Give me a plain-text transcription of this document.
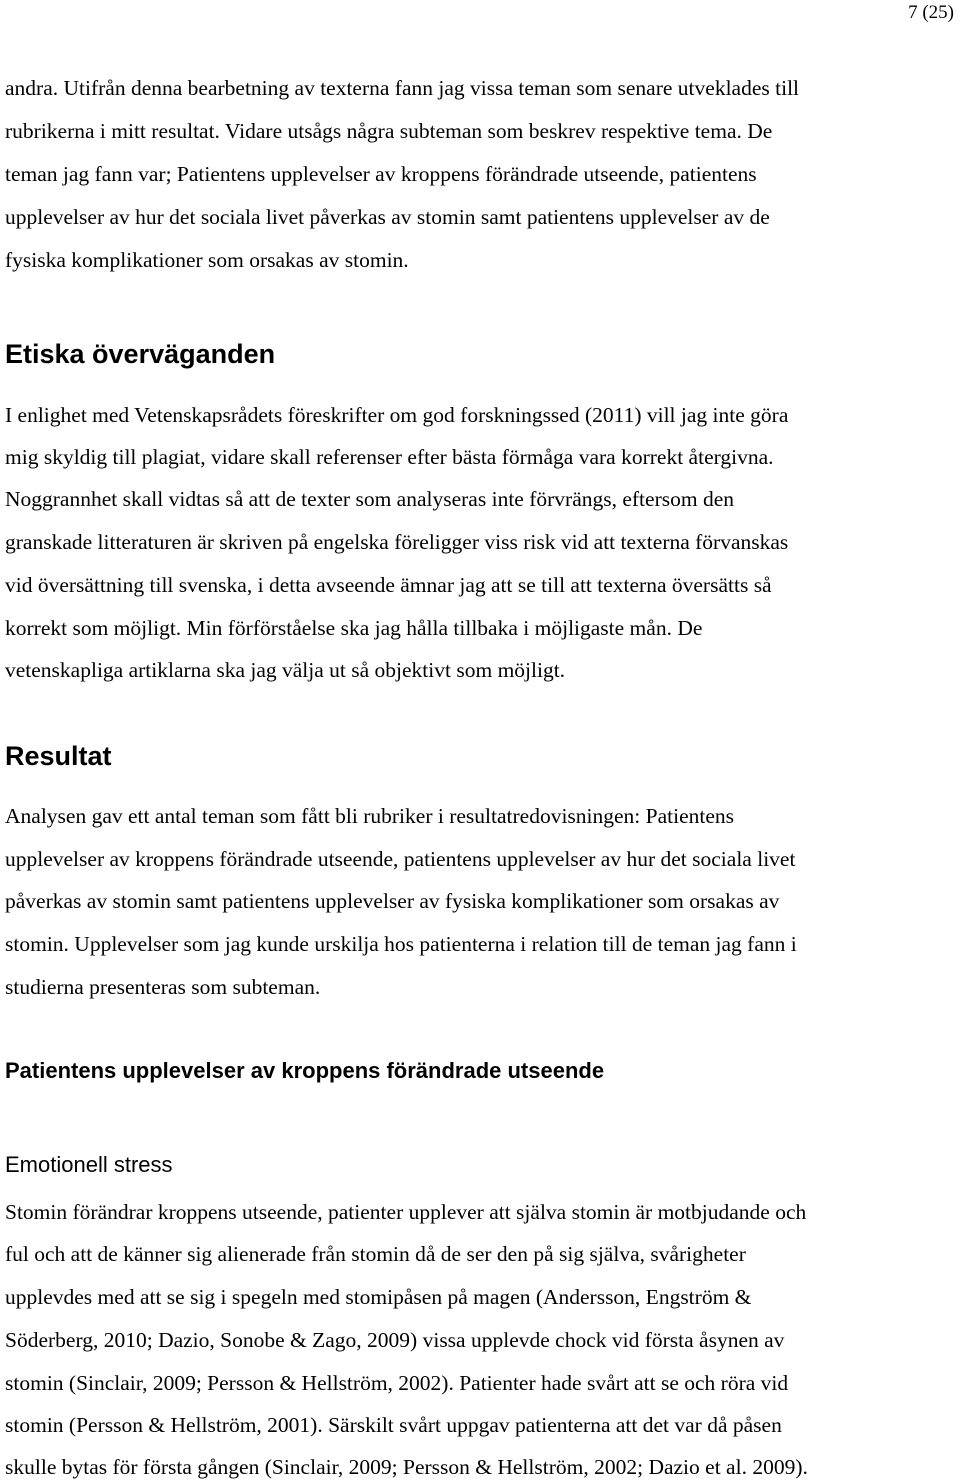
7 (25)
andra. Utifrån denna bearbetning av texterna fann jag vissa teman som senare utveklades till
rubrikerna i mitt resultat. Vidare utsågs några subteman som beskrev respektive tema. De
teman jag fann var; Patientens upplevelser av kroppens förändrade utseende, patientens
upplevelser av hur det sociala livet påverkas av stomin samt patientens upplevelser av de
fysiska komplikationer som orsakas av stomin.
Etiska överväganden
I enlighet med Vetenskapsrådets föreskrifter om god forskningssed (2011) vill jag inte göra
mig skyldig till plagiat, vidare skall referenser efter bästa förmåga vara korrekt återgivna.
Noggrannhet skall vidtas så att de texter som analyseras inte förvrängs, eftersom den
granskade litteraturen är skriven på engelska föreligger viss risk vid att texterna förvanskas
vid översättning till svenska, i detta avseende ämnar jag att se till att texterna översätts så
korrekt som möjligt. Min förförståelse ska jag hålla tillbaka i möjligaste mån. De
vetenskapliga artiklarna ska jag välja ut så objektivt som möjligt.
Resultat
Analysen gav ett antal teman som fått bli rubriker i resultatredovisningen: Patientens
upplevelser av kroppens förändrade utseende, patientens upplevelser av hur det sociala livet
påverkas av stomin samt patientens upplevelser av fysiska komplikationer som orsakas av
stomin. Upplevelser som jag kunde urskilja hos patienterna i relation till de teman jag fann i
studierna presenteras som subteman.
Patientens upplevelser av kroppens förändrade utseende
Emotionell stress
Stomin förändrar kroppens utseende, patienter upplever att själva stomin är motbjudande och
ful och att de känner sig alienerade från stomin då de ser den på sig själva, svårigheter
upplevdes med att se sig i spegeln med stomipåsen på magen (Andersson, Engström &
Söderberg, 2010; Dazio, Sonobe & Zago, 2009) vissa upplevde chock vid första åsynen av
stomin (Sinclair, 2009; Persson & Hellström, 2002). Patienter hade svårt att se och röra vid
stomin (Persson & Hellström, 2001). Särskilt svårt uppgav patienterna att det var då påsen
skulle bytas för första gången (Sinclair, 2009; Persson & Hellström, 2002; Dazio et al. 2009).
